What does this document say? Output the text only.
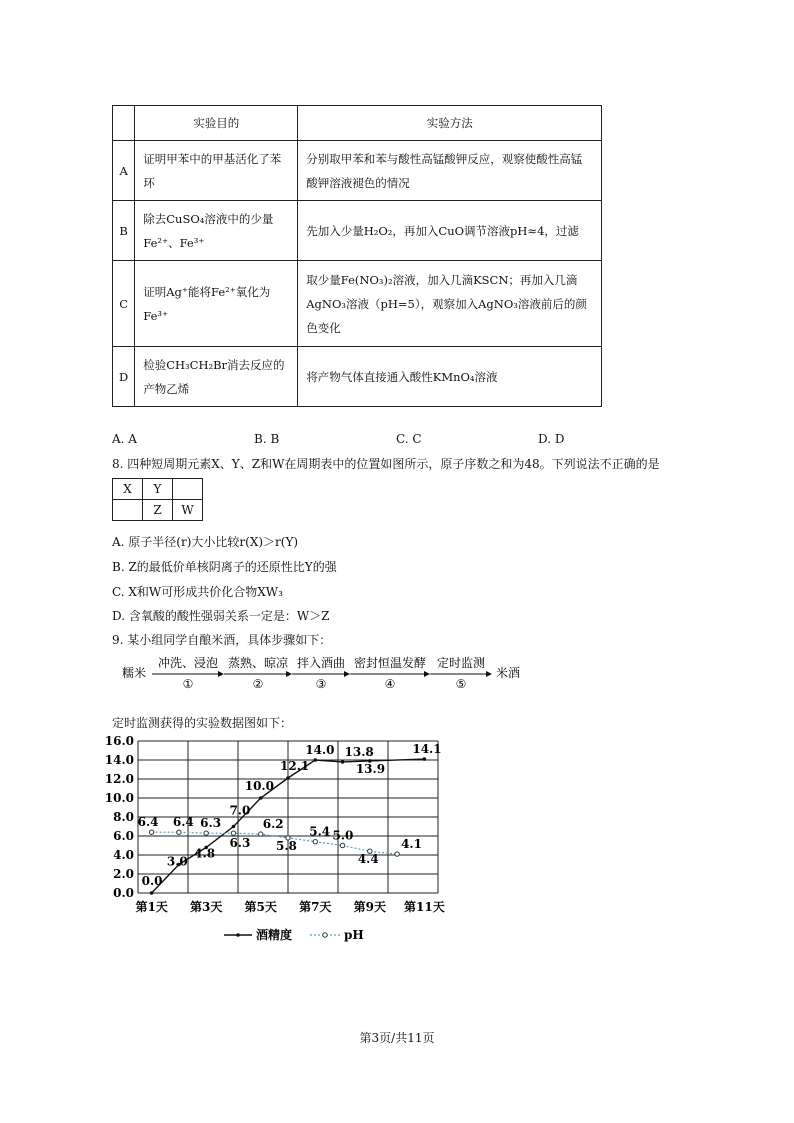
	实验目的	实验方法
A	证明甲苯中的甲基活化了苯环	分别取甲苯和苯与酸性高锰酸钾反应，观察使酸性高锰酸钾溶液褪色的情况
B	除去CuSO₄溶液中的少量Fe²⁺、Fe³⁺	先加入少量H₂O₂，再加入CuO调节溶液pH≈4，过滤
C	证明Ag⁺能将Fe²⁺氧化为Fe³⁺	取少量Fe(NO₃)₂溶液，加入几滴KSCN；再加入几滴AgNO₃溶液（pH=5），观察加入AgNO₃溶液前后的颜色变化
D	检验CH₃CH₂Br消去反应的产物乙烯	将产物气体直接通入酸性KMnO₄溶液
A. A	B. B	C. C	D. D
8. 四种短周期元素X、Y、Z和W在周期表中的位置如图所示，原子序数之和为48。下列说法不正确的是
X	Y	
	Z	W
A. 原子半径(r)大小比较r(X)＞r(Y)
B. Z的最低价单核阴离子的还原性比Y的强
C. X和W可形成共价化合物XW₃
D. 含氧酸的酸性强弱关系一定是：W＞Z
9. 某小组同学自酿米酒，具体步骤如下：
糯米
冲洗、浸泡
①
蒸熟、晾凉
②
拌入酒曲
③
密封恒温发酵
④
定时监测
⑤
米酒
定时监测获得的实验数据图如下：
0.0
2.0
4.0
6.0
8.0
10.0
12.0
14.0
16.0
第1天 第3天 第5天 第7天 第9天 第11天
0.0
3.0
4.8
7.0
10.0
12.1
14.0 13.8
13.9
14.1
6.4 6.4 6.3
6.3
6.2
5.8
5.4 5.0
4.4
4.1
酒精度	pH
第3页/共11页
